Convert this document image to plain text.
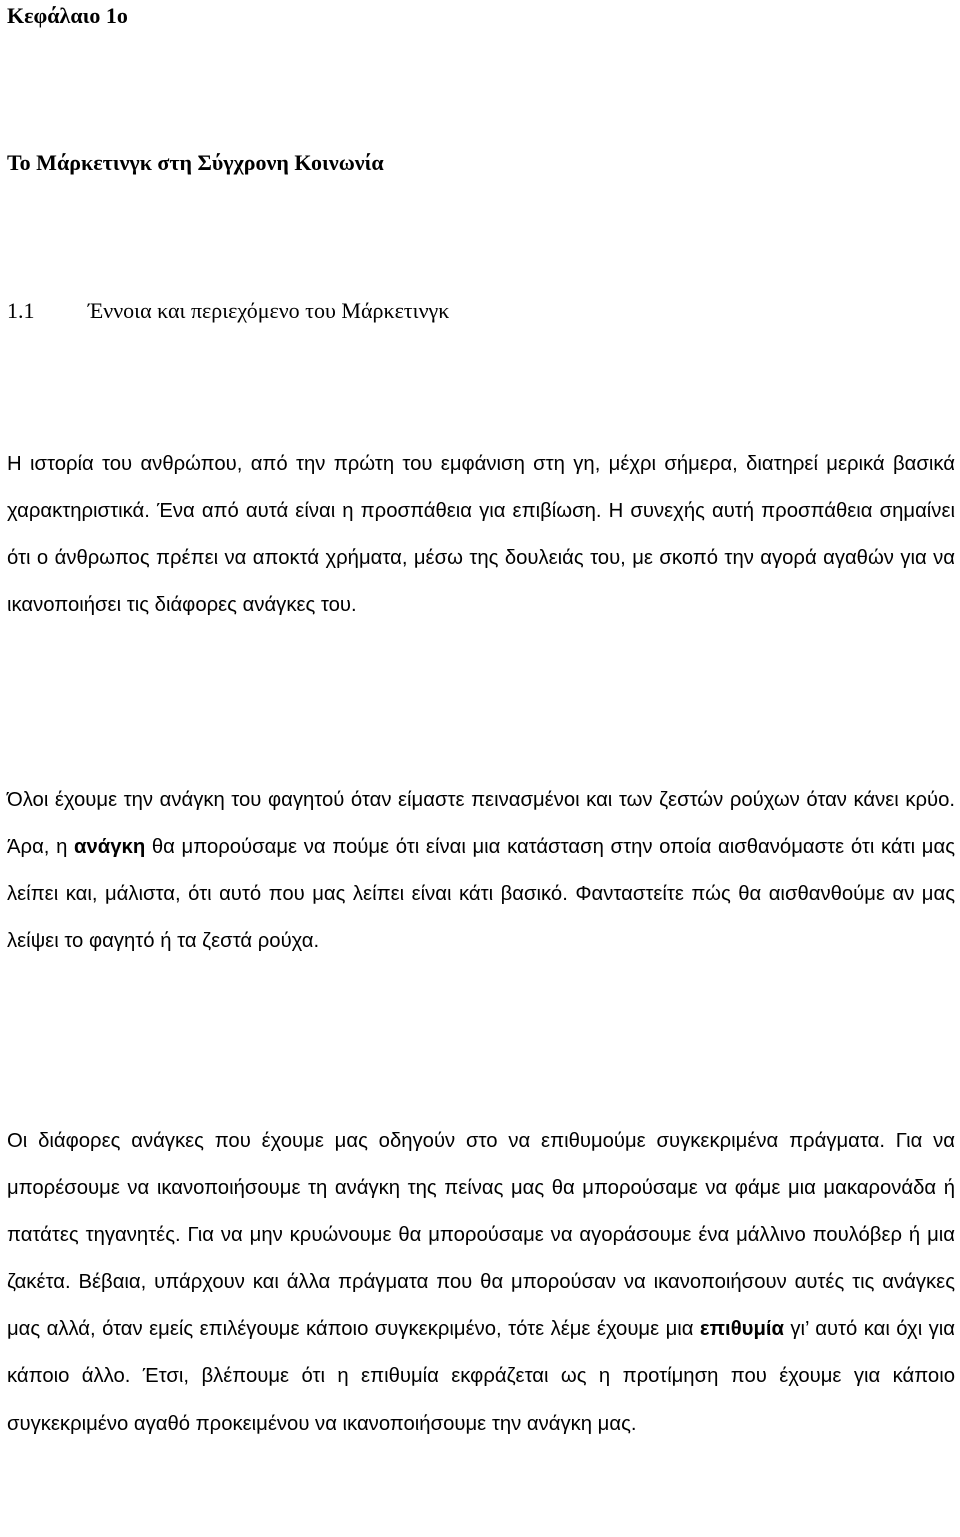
Κεφάλαιο 1ο
Το Μάρκετινγκ στη Σύγχρονη Κοινωνία
1.1 Έννοια και περιεχόμενο του Μάρκετινγκ

Η ιστορία του ανθρώπου, από την πρώτη του εμφάνιση στη γη, μέχρι σήμερα, διατηρεί μερικά βασικά χαρακτηριστικά. Ένα από αυτά είναι η προσπάθεια για επιβίωση. Η συνεχής αυτή προσπάθεια σημαίνει ότι ο άνθρωπος πρέπει να αποκτά χρήματα, μέσω της δουλειάς του, με σκοπό την αγορά αγαθών για να ικανοποιήσει τις διάφορες ανάγκες του.

Όλοι έχουμε την ανάγκη του φαγητού όταν είμαστε πεινασμένοι και των ζεστών ρούχων όταν κάνει κρύο. Άρα, η ανάγκη θα μπορούσαμε να πούμε ότι είναι μια κατάσταση στην οποία αισθανόμαστε ότι κάτι μας λείπει και, μάλιστα, ότι αυτό που μας λείπει είναι κάτι βασικό. Φανταστείτε πώς θα αισθανθούμε αν μας λείψει το φαγητό ή τα ζεστά ρούχα.

Οι διάφορες ανάγκες που έχουμε μας οδηγούν στο να επιθυμούμε συγκεκριμένα πράγματα. Για να μπορέσουμε να ικανοποιήσουμε τη ανάγκη της πείνας μας θα μπορούσαμε να φάμε μια μακαρονάδα ή πατάτες τηγανητές. Για να μην κρυώνουμε θα μπορούσαμε να αγοράσουμε ένα μάλλινο πουλόβερ ή μια ζακέτα. Βέβαια, υπάρχουν και άλλα πράγματα που θα μπορούσαν να ικανοποιήσουν αυτές τις ανάγκες μας αλλά, όταν εμείς επιλέγουμε κάποιο συγκεκριμένο, τότε λέμε έχουμε μια επιθυμία γι’ αυτό και όχι για κάποιο άλλο. Έτσι, βλέπουμε ότι η επιθυμία εκφράζεται ως η προτίμηση που έχουμε για κάποιο συγκεκριμένο αγαθό προκειμένου να ικανοποιήσουμε την ανάγκη μας.
